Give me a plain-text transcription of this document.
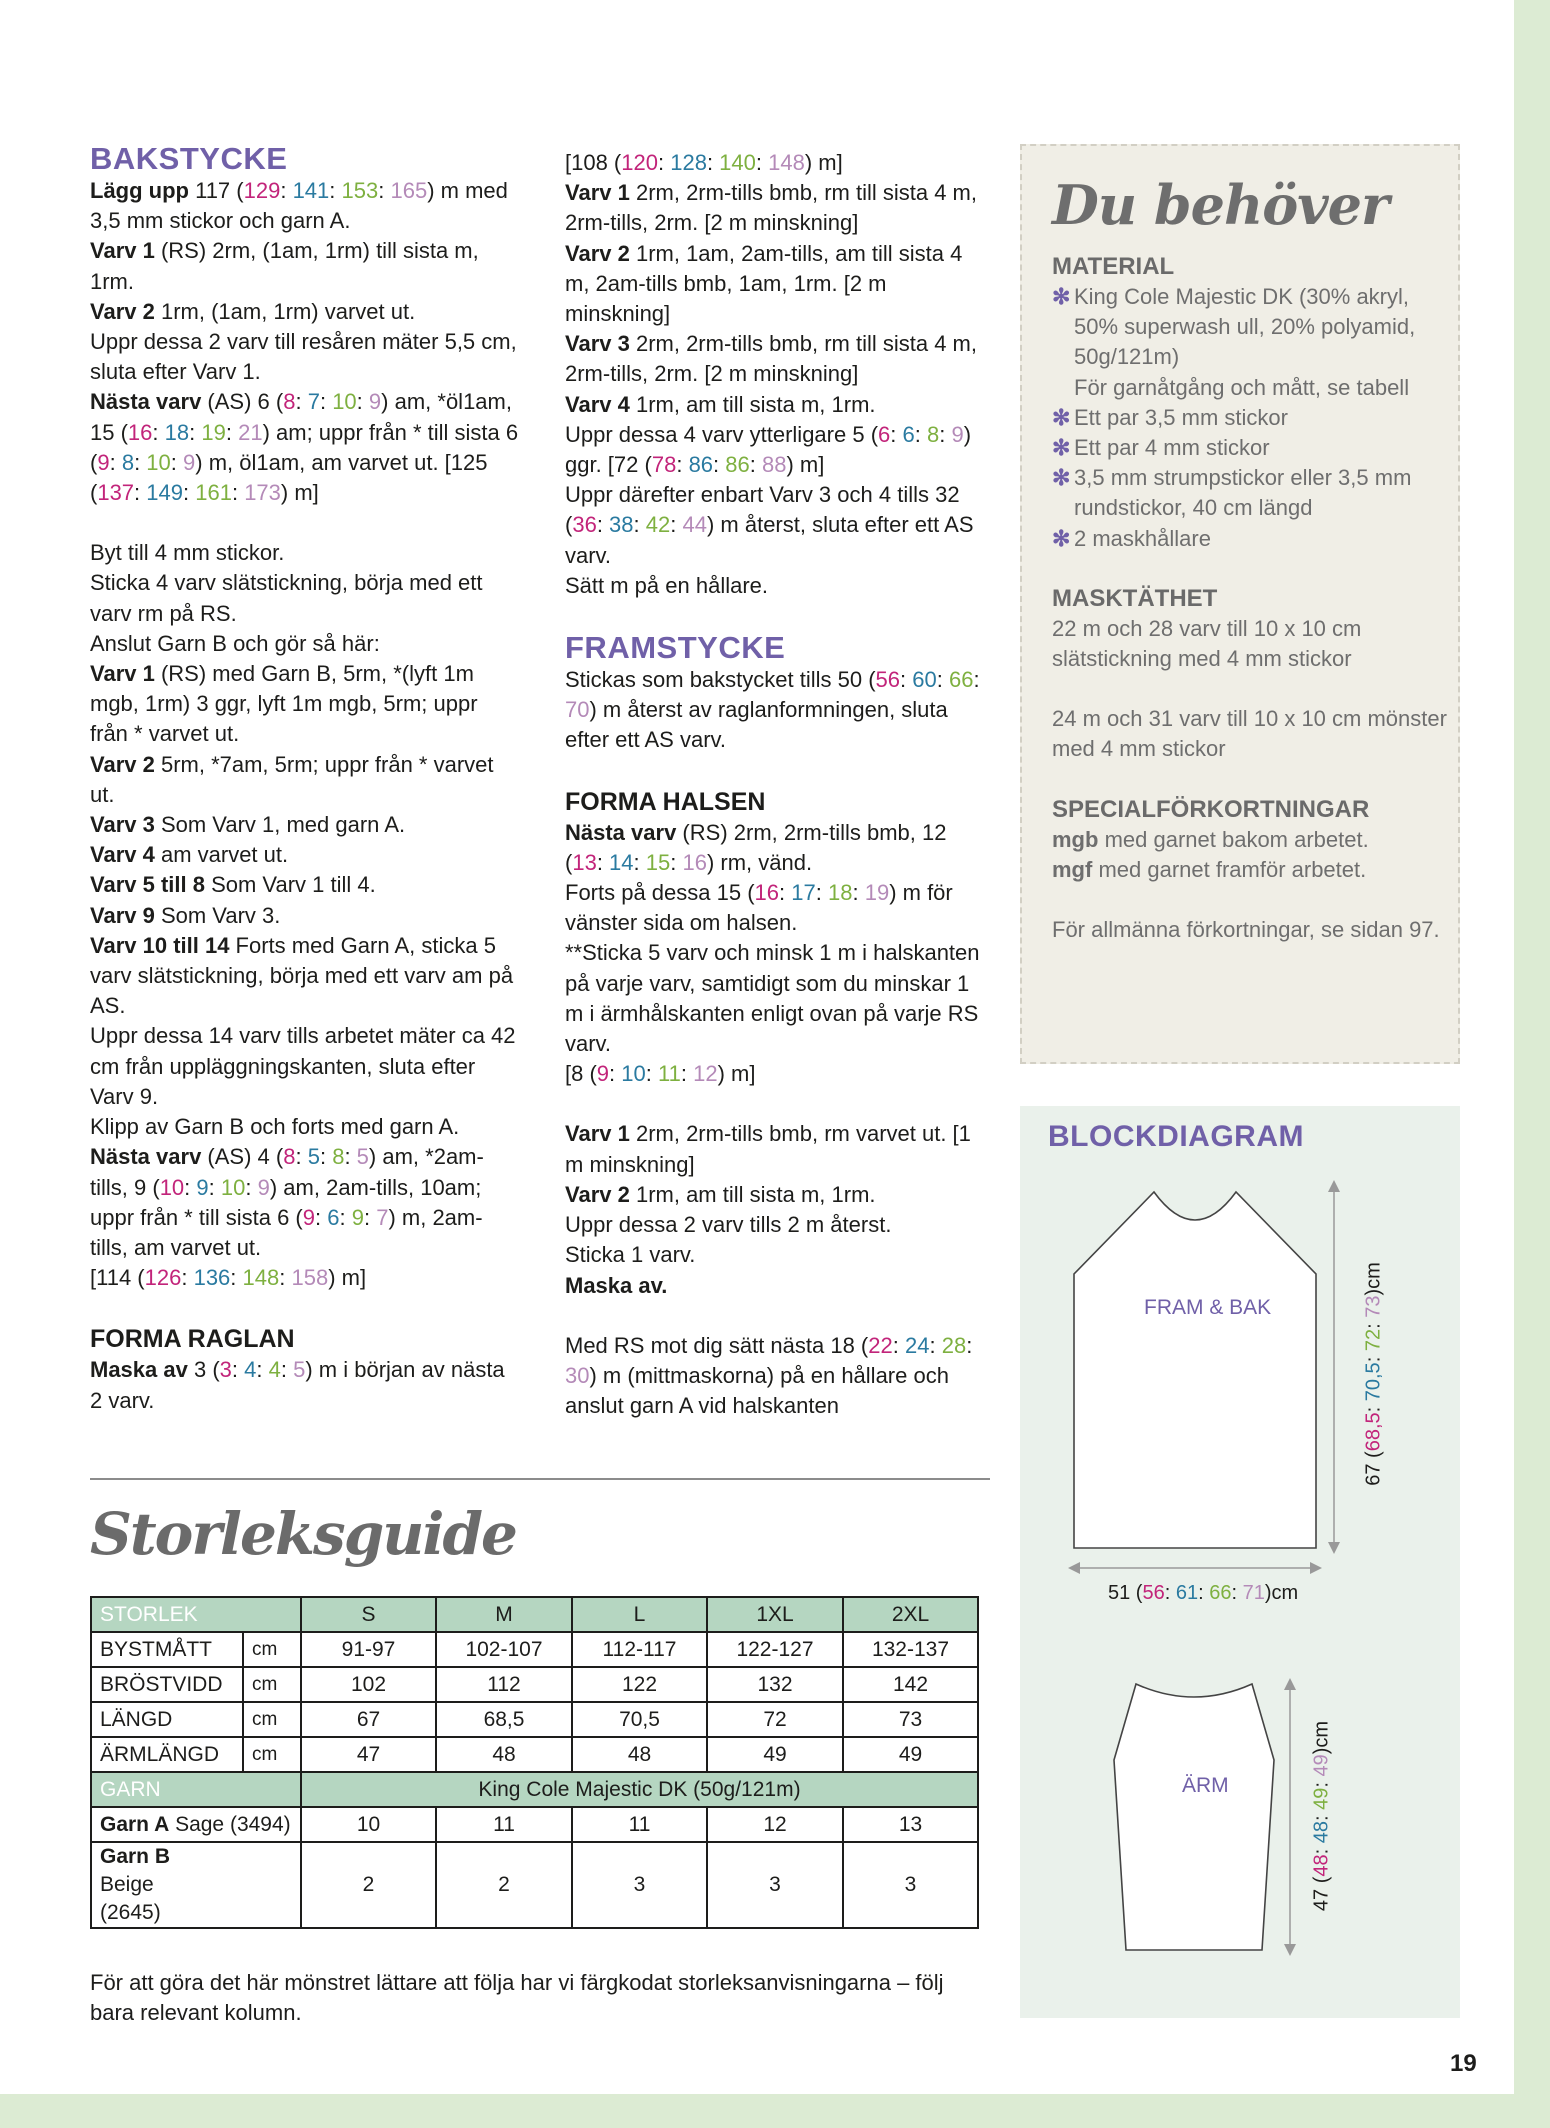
BAKSTYCKE

Lägg upp 117 (129: 141: 153: 165) m med 3,5 mm stickor och garn A.

Varv 1 (RS) 2rm, (1am, 1rm) till sista m, 1rm.

Varv 2 1rm, (1am, 1rm) varvet ut.

Uppr dessa 2 varv till resåren mäter 5,5 cm, sluta efter Varv 1.

Nästa varv (AS) 6 (8: 7: 10: 9) am, *öl1am, 15 (16: 18: 19: 21) am; uppr från * till sista 6 (9: 8: 10: 9) m, öl1am, am varvet ut. [125 (137: 149: 161: 173) m]

Byt till 4 mm stickor.

Sticka 4 varv slätstickning, börja med ett varv rm på RS.

Anslut Garn B och gör så här:

Varv 1 (RS) med Garn B, 5rm, *(lyft 1m mgb, 1rm) 3 ggr, lyft 1m mgb, 5rm; uppr från * varvet ut.

Varv 2 5rm, *7am, 5rm; uppr från * varvet ut.

Varv 3 Som Varv 1, med garn A.

Varv 4 am varvet ut.

Varv 5 till 8 Som Varv 1 till 4.

Varv 9 Som Varv 3.

Varv 10 till 14 Forts med Garn A, sticka 5 varv slätstickning, börja med ett varv am på AS.

Uppr dessa 14 varv tills arbetet mäter ca 42 cm från uppläggningskanten, sluta efter Varv 9.

Klipp av Garn B och forts med garn A.

Nästa varv (AS) 4 (8: 5: 8: 5) am, *2am-tills, 9 (10: 9: 10: 9) am, 2am-tills, 10am; uppr från * till sista 6 (9: 6: 9: 7) m, 2am-tills, am varvet ut.

[114 (126: 136: 148: 158) m]

FORMA RAGLAN

Maska av 3 (3: 4: 4: 5) m i början av nästa 2 varv.

[108 (120: 128: 140: 148) m]

Varv 1 2rm, 2rm-tills bmb, rm till sista 4 m, 2rm-tills, 2rm. [2 m minskning]

Varv 2 1rm, 1am, 2am-tills, am till sista 4 m, 2am-tills bmb, 1am, 1rm. [2 m minskning]

Varv 3 2rm, 2rm-tills bmb, rm till sista 4 m, 2rm-tills, 2rm. [2 m minskning]

Varv 4 1rm, am till sista m, 1rm.

Uppr dessa 4 varv ytterligare 5 (6: 6: 8: 9) ggr. [72 (78: 86: 86: 88) m]

Uppr därefter enbart Varv 3 och 4 tills 32 (36: 38: 42: 44) m återst, sluta efter ett AS varv.

Sätt m på en hållare.

FRAMSTYCKE

Stickas som bakstycket tills 50 (56: 60: 66: 70) m återst av raglanformningen, sluta efter ett AS varv.

FORMA HALSEN

Nästa varv (RS) 2rm, 2rm-tills bmb, 12 (13: 14: 15: 16) rm, vänd.

Forts på dessa 15 (16: 17: 18: 19) m för vänster sida om halsen.

**Sticka 5 varv och minsk 1 m i halskanten på varje varv, samtidigt som du minskar 1 m i ärmhålskanten enligt ovan på varje RS varv.

[8 (9: 10: 11: 12) m]

Varv 1 2rm, 2rm-tills bmb, rm varvet ut. [1 m minskning]

Varv 2 1rm, am till sista m, 1rm.

Uppr dessa 2 varv tills 2 m återst.

Sticka 1 varv.

Maska av.

Med RS mot dig sätt nästa 18 (22: 24: 28: 30) m (mittmaskorna) på en hållare och anslut garn A vid halskanten

Du behöver

MATERIAL

✻ King Cole Majestic DK (30% akryl, 50% superwash ull, 20% polyamid, 50g/121m)
För garnåtgång och mått, se tabell
✻ Ett par 3,5 mm stickor
✻ Ett par 4 mm stickor
✻ 3,5 mm strumpstickor eller 3,5 mm rundstickor, 40 cm längd
✻ 2 maskhållare

MASKTÄTHET

22 m och 28 varv till 10 x 10 cm slätstickning med 4 mm stickor

24 m och 31 varv till 10 x 10 cm mönster med 4 mm stickor

SPECIALFÖRKORTNINGAR

mgb med garnet bakom arbetet.

mgf med garnet framför arbetet.

För allmänna förkortningar, se sidan 97.

BLOCKDIAGRAM
FRAM & BAK
ÄRM
51 (56: 61: 66: 71)cm
67 (68,5: 70,5: 72: 73)cm
47 (48: 48: 49: 49)cm
Storleksguide
STORLEK		S	M	L	1XL	2XL
BYSTMÅTT	cm	91-97	102-107	112-117	122-127	132-137
BRÖSTVIDD	cm	102	112	122	132	142
LÄNGD	cm	67	68,5	70,5	72	73
ÄRMLÄNGD	cm	47	48	48	49	49
GARN		King Cole Majestic DK (50g/121m)				
Garn A Sage (3494)		10	11	11	12	13
Garn B Beige (2645)		2	2	3	3	3
För att göra det här mönstret lättare att följa har vi färgkodat storleksanvisningarna – följ bara relevant kolumn.
19
